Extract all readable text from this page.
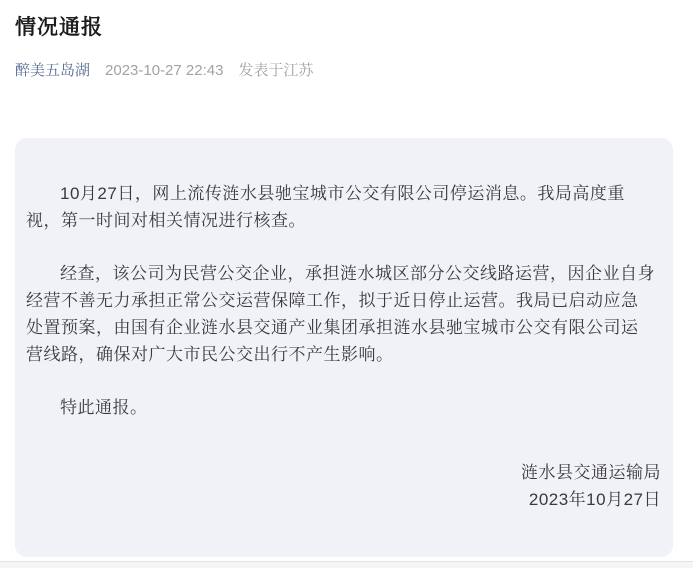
情况通报
醉美五岛湖 2023-10-27 22:43 发表于江苏
10月27日，网上流传涟水县驰宝城市公交有限公司停运消息。我局高度重
视，第一时间对相关情况进行核查。
经查，该公司为民营公交企业，承担涟水城区部分公交线路运营，因企业自身
经营不善无力承担正常公交运营保障工作，拟于近日停止运营。我局已启动应急
处置预案，由国有企业涟水县交通产业集团承担涟水县驰宝城市公交有限公司运
营线路，确保对广大市民公交出行不产生影响。
特此通报。
涟水县交通运输局
2023年10月27日
